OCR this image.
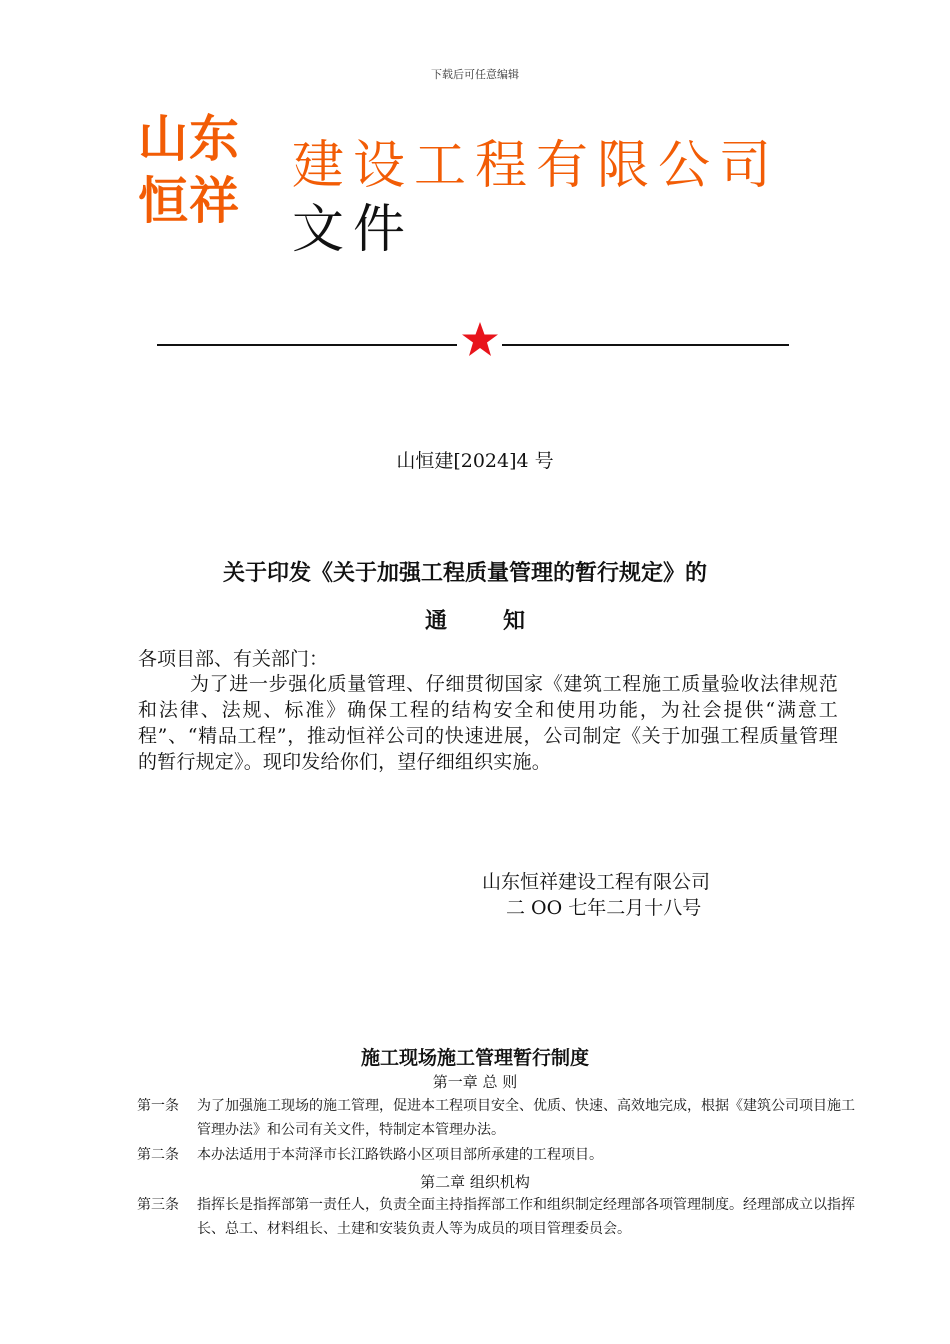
下载后可任意编辑
山东
恒祥
建设工程有限公司
文件
山恒建[2024]4 号
关于印发《关于加强工程质量管理的暂行规定》的
通知
各项目部、有关部门：
为了进一步强化质量管理、仔细贯彻国家《建筑工程施工质量验收法律规范和法律、法规、标准》确保工程的结构安全和使用功能，为社会提供“满意工程”、“精品工程”，推动恒祥公司的快速进展，公司制定《关于加强工程质量管理的暂行规定》。现印发给你们，望仔细组织实施。
山东恒祥建设工程有限公司
二 OO 七年二月十八号
施工现场施工管理暂行制度
第一章 总 则
第一条 为了加强施工现场的施工管理，促进本工程项目安全、优质、快速、高效地完成，根据《建筑公司项目施工管理办法》和公司有关文件，特制定本管理办法。
第二条 本办法适用于本菏泽市长江路铁路小区项目部所承建的工程项目。
第二章 组织机构
第三条 指挥长是指挥部第一责任人，负责全面主持指挥部工作和组织制定经理部各项管理制度。经理部成立以指挥长、总工、材料组长、土建和安装负责人等为成员的项目管理委员会。
